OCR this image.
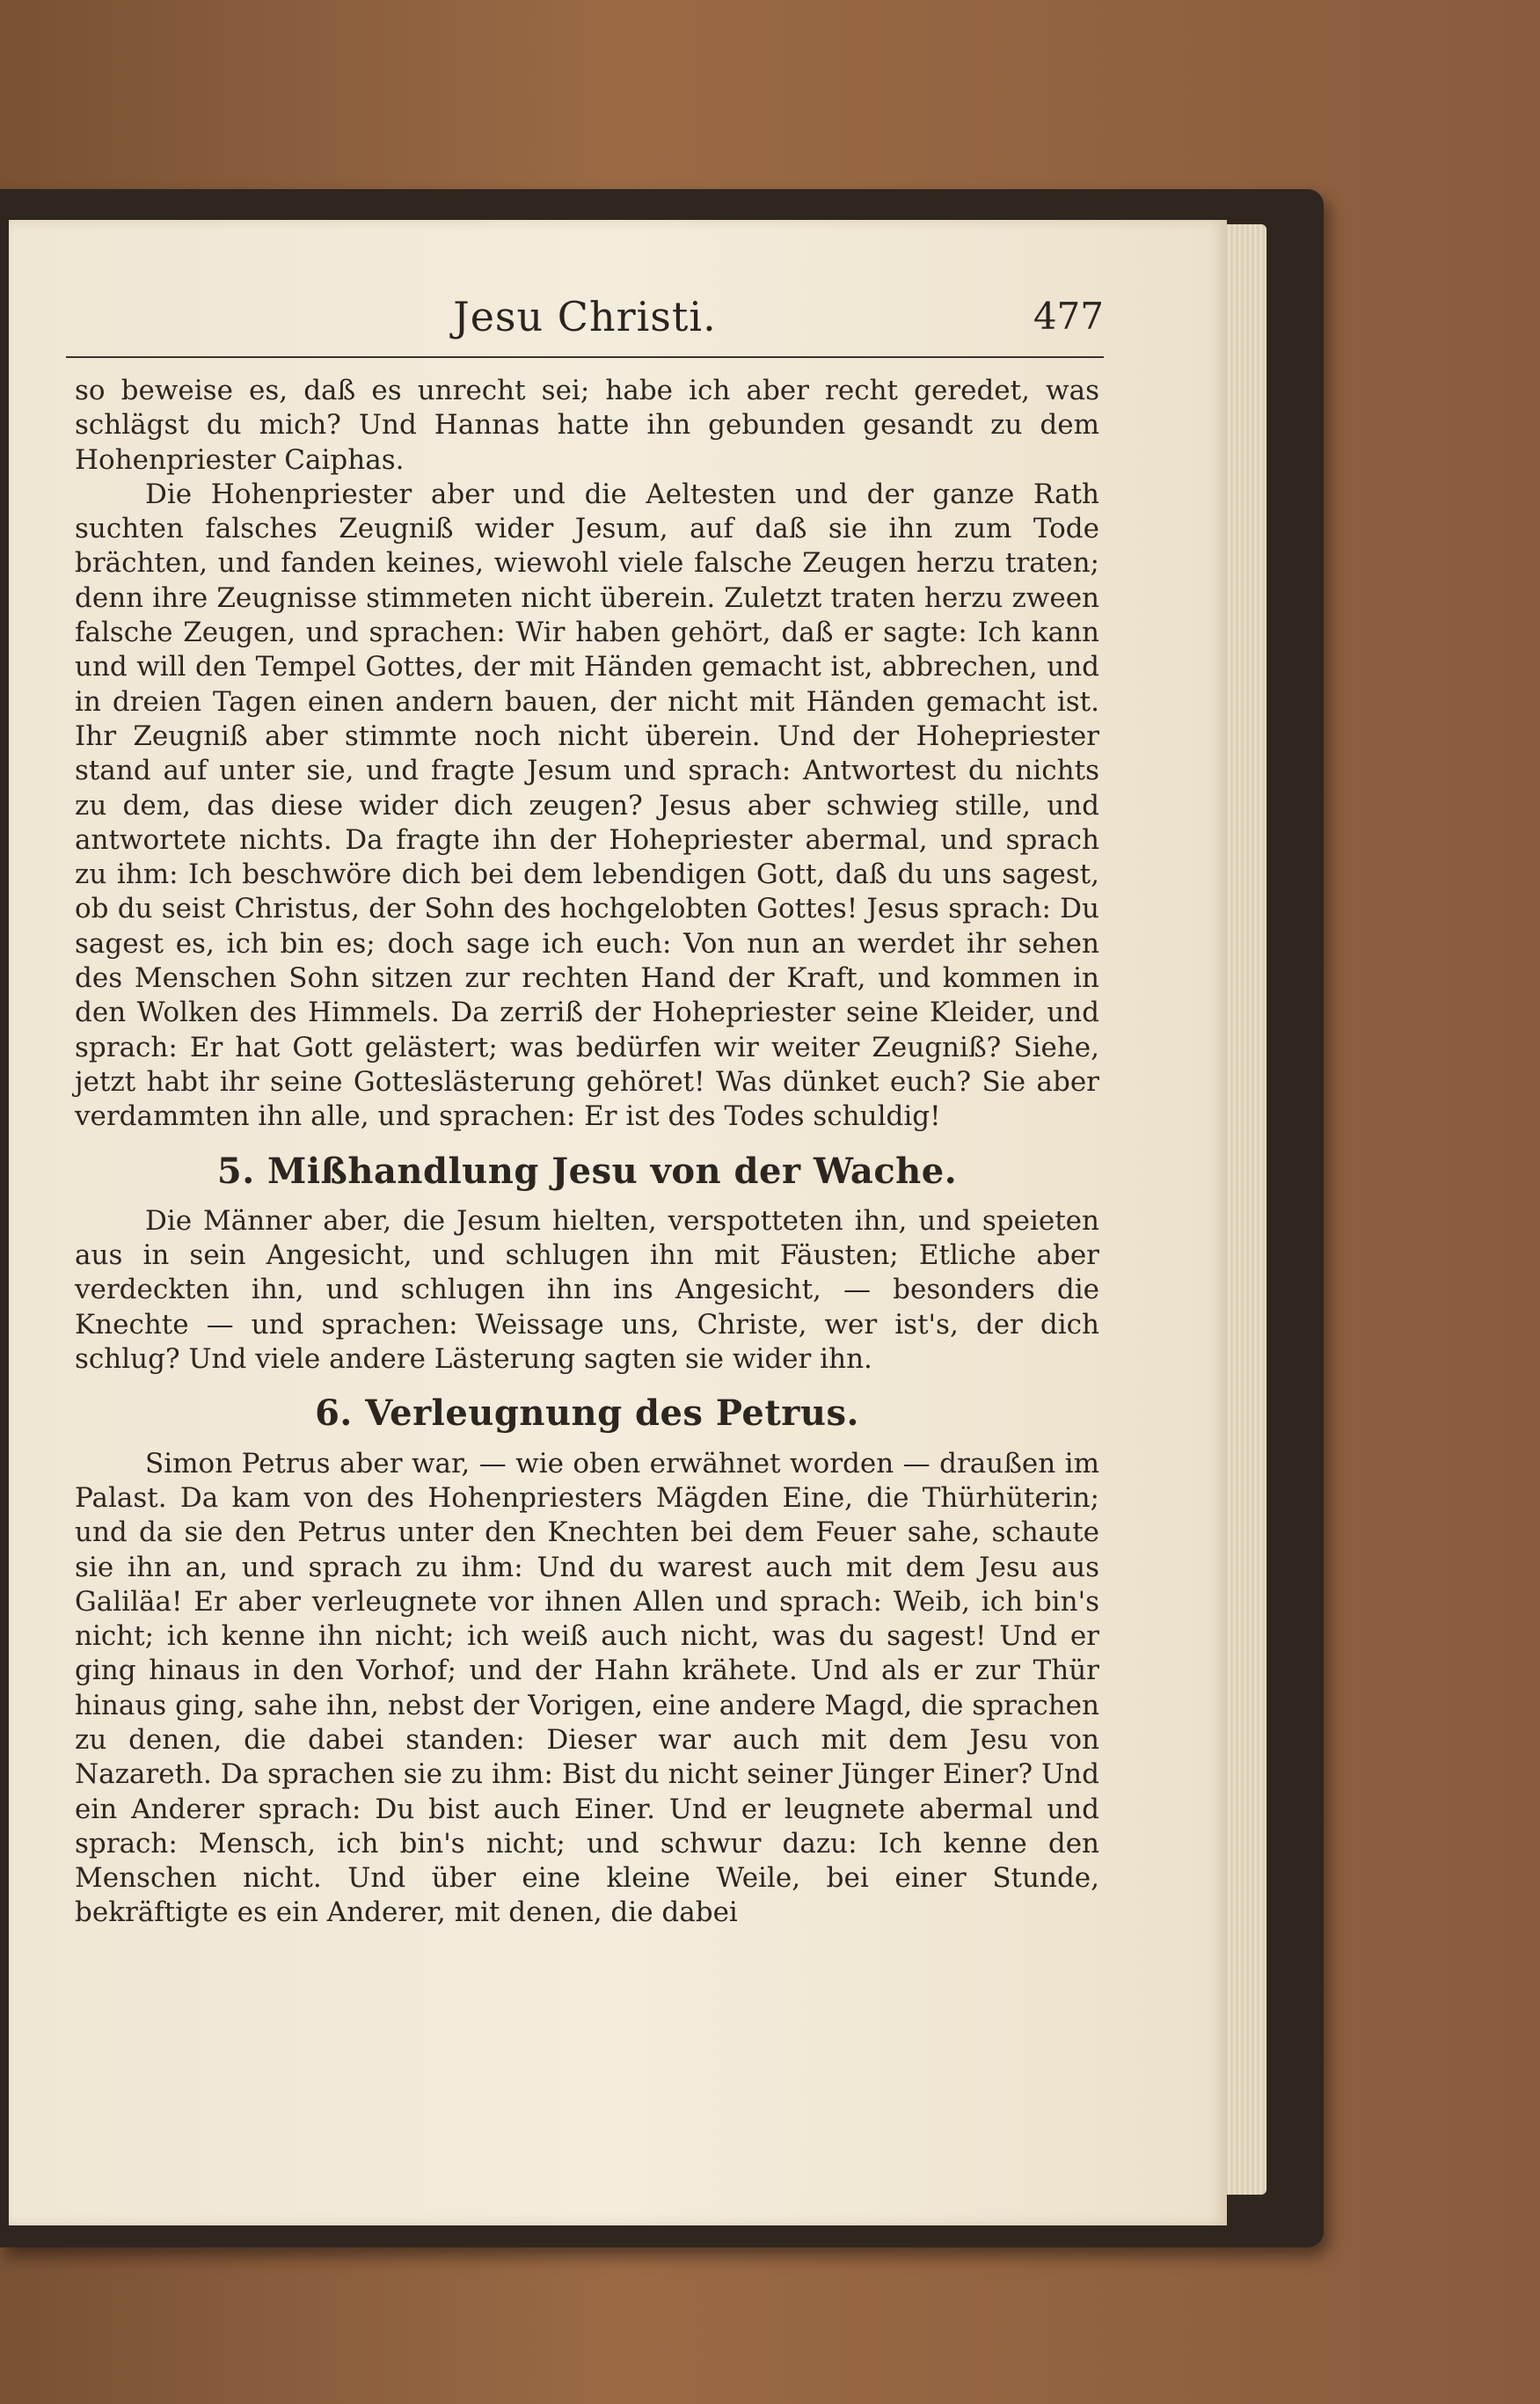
Jesu Christi.	477

so beweise es, daß es unrecht sei; habe ich aber recht geredet, was schlägst du mich? Und Hannas hatte ihn gebunden gesandt zu dem Hohenpriester Caiphas.

Die Hohenpriester aber und die Aeltesten und der ganze Rath suchten falsches Zeugniß wider Jesum, auf daß sie ihn zum Tode brächten, und fanden keines, wiewohl viele falsche Zeugen herzu traten; denn ihre Zeugnisse stimmeten nicht überein. Zuletzt traten herzu zween falsche Zeugen, und sprachen: Wir haben gehört, daß er sagte: Ich kann und will den Tempel Gottes, der mit Händen gemacht ist, abbrechen, und in dreien Tagen einen andern bauen, der nicht mit Händen gemacht ist. Ihr Zeugniß aber stimmte noch nicht überein. Und der Hohepriester stand auf unter sie, und fragte Jesum und sprach: Antwortest du nichts zu dem, das diese wider dich zeugen? Jesus aber schwieg stille, und antwortete nichts. Da fragte ihn der Hohepriester abermal, und sprach zu ihm: Ich beschwöre dich bei dem lebendigen Gott, daß du uns sagest, ob du seist Christus, der Sohn des hochgelobten Gottes! Jesus sprach: Du sagest es, ich bin es; doch sage ich euch: Von nun an werdet ihr sehen des Menschen Sohn sitzen zur rechten Hand der Kraft, und kommen in den Wolken des Himmels. Da zerriß der Hohepriester seine Kleider, und sprach: Er hat Gott gelästert; was bedürfen wir weiter Zeugniß? Siehe, jetzt habt ihr seine Gotteslästerung gehöret! Was dünket euch? Sie aber verdammten ihn alle, und sprachen: Er ist des Todes schuldig!

5. Mißhandlung Jesu von der Wache.

Die Männer aber, die Jesum hielten, verspotteten ihn, und speieten aus in sein Angesicht, und schlugen ihn mit Fäusten; Etliche aber verdeckten ihn, und schlugen ihn ins Angesicht, — besonders die Knechte — und sprachen: Weissage uns, Christe, wer ist's, der dich schlug? Und viele andere Lästerung sagten sie wider ihn.

6. Verleugnung des Petrus.

Simon Petrus aber war, — wie oben erwähnet worden — draußen im Palast. Da kam von des Hohenpriesters Mägden Eine, die Thürhüterin; und da sie den Petrus unter den Knechten bei dem Feuer sahe, schaute sie ihn an, und sprach zu ihm: Und du warest auch mit dem Jesu aus Galiläa! Er aber verleugnete vor ihnen Allen und sprach: Weib, ich bin's nicht; ich kenne ihn nicht; ich weiß auch nicht, was du sagest! Und er ging hinaus in den Vorhof; und der Hahn krähete. Und als er zur Thür hinaus ging, sahe ihn, nebst der Vorigen, eine andere Magd, die sprachen zu denen, die dabei standen: Dieser war auch mit dem Jesu von Nazareth. Da sprachen sie zu ihm: Bist du nicht seiner Jünger Einer? Und ein Anderer sprach: Du bist auch Einer. Und er leugnete abermal und sprach: Mensch, ich bin's nicht; und schwur dazu: Ich kenne den Menschen nicht. Und über eine kleine Weile, bei einer Stunde, bekräftigte es ein Anderer, mit denen, die dabei
